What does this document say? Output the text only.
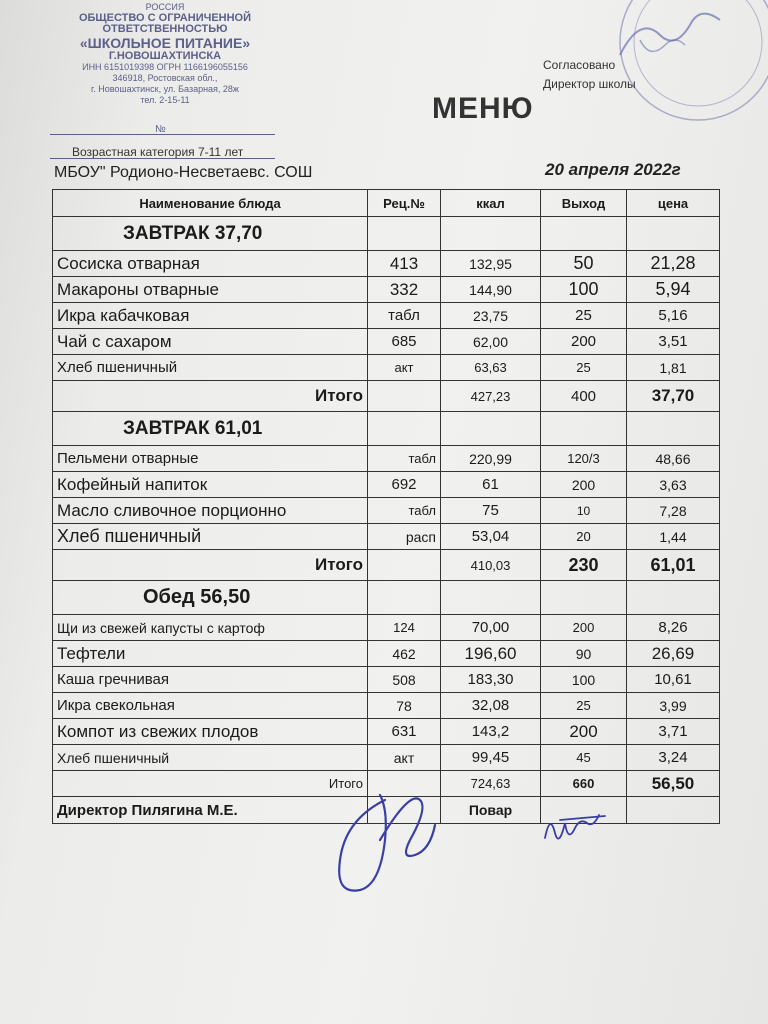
РОССИЯ
ОБЩЕСТВО С ОГРАНИЧЕННОЙ
ОТВЕТСТВЕННОСТЬЮ
«ШКОЛЬНОЕ ПИТАНИЕ»
Г.НОВОШАХТИНСКА
ИНН 6151019398 ОГРН 1166196055156
346918, Ростовская обл.,
г. Новошахтинск, ул. Базарная, 28ж
тел. 2-15-11
№
Возрастная категория 7-11 лет
Согласовано
Директор школы
МЕНЮ
МБОУ" Родионо-Несветаевс. СОШ	20 апреля 2022г
Наименование блюда	Рец.№	ккал	Выход	цена
ЗАВТРАК 37,70				
Сосиска отварная	413	132,95	50	21,28
Макароны отварные	332	144,90	100	5,94
Икра кабачковая	табл	23,75	25	5,16
Чай с сахаром	685	62,00	200	3,51
Хлеб пшеничный	акт	63,63	25	1,81
Итого		427,23	400	37,70
ЗАВТРАК 61,01				
Пельмени отварные	табл	220,99	120/3	48,66
Кофейный напиток	692	61	200	3,63
Масло сливочное порционно	табл	75	10	7,28
Хлеб пшеничный	расп	53,04	20	1,44
Итого		410,03	230	61,01
Обед 56,50				
Щи из свежей капусты с картоф	124	70,00	200	8,26
Тефтели	462	196,60	90	26,69
Каша гречнивая	508	183,30	100	10,61
Икра свекольная	78	32,08	25	3,99
Компот из свежих плодов	631	143,2	200	3,71
Хлеб пшеничный	акт	99,45	45	3,24
Итого		724,63	660	56,50
Директор Пилягина М.Е.		Повар		
